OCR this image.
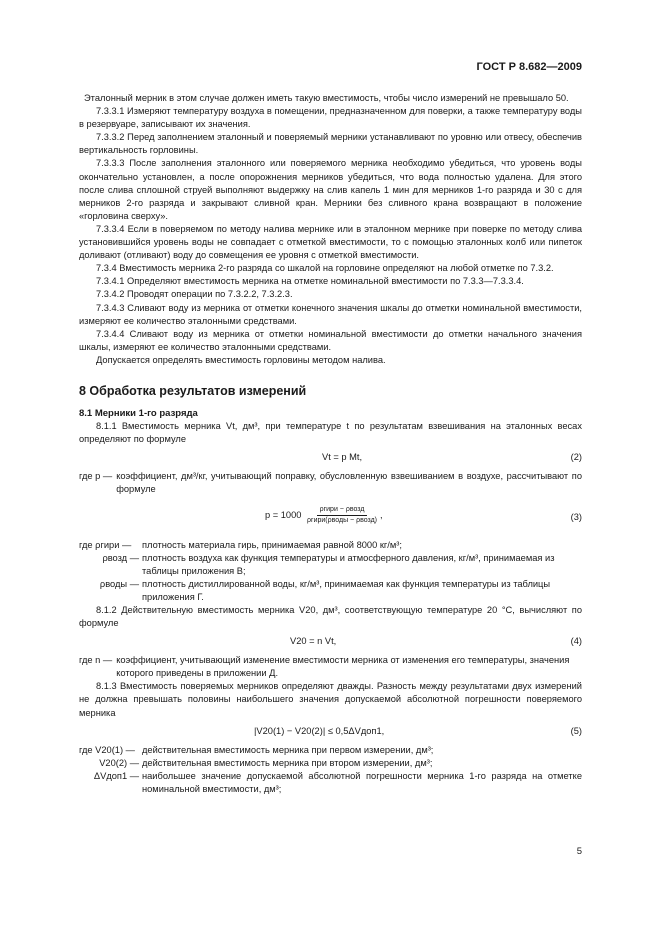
ГОСТ Р 8.682—2009

Эталонный мерник в этом случае должен иметь такую вместимость, чтобы число измерений не превышало 50.

7.3.3.1 Измеряют температуру воздуха в помещении, предназначенном для поверки, а также температуру воды в резервуаре, записывают их значения.

7.3.3.2 Перед заполнением эталонный и поверяемый мерники устанавливают по уровню или отвесу, обеспечив вертикальность горловины.

7.3.3.3 После заполнения эталонного или поверяемого мерника необходимо убедиться, что уровень воды окончательно установлен, а после опорожнения мерников убедиться, что вода полностью удалена. Для этого после слива сплошной струей выполняют выдержку на слив капель 1 мин для мерников 1-го разряда и 30 с для мерников 2-го разряда и закрывают сливной кран. Мерники без сливного крана возвращают в положение «горловина сверху».

7.3.3.4 Если в поверяемом по методу налива мернике или в эталонном мернике при поверке по методу слива установившийся уровень воды не совпадает с отметкой вместимости, то с помощью эталонных колб или пипеток доливают (отливают) воду до совмещения ее уровня с отметкой вместимости.

7.3.4 Вместимость мерника 2-го разряда со шкалой на горловине определяют на любой отметке по 7.3.2.

7.3.4.1 Определяют вместимость мерника на отметке номинальной вместимости по 7.3.3—7.3.3.4.

7.3.4.2 Проводят операции по 7.3.2.2, 7.3.2.3.

7.3.4.3 Сливают воду из мерника от отметки конечного значения шкалы до отметки номинальной вместимости, измеряют ее количество эталонными средствами.

7.3.4.4 Сливают воду из мерника от отметки номинальной вместимости до отметки начального значения шкалы, измеряют ее количество эталонными средствами.

Допускается определять вместимость горловины методом налива.

8 Обработка результатов измерений
8.1 Мерники 1-го разряда

8.1.1 Вместимость мерника Vt, дм³, при температуре t по результатам взвешивания на эталонных весах определяют по формуле

Vt = p Mt,	(2)
где p — коэффициент, дм³/кг, учитывающий поправку, обусловленную взвешиванием в воздухе, рассчитывают по формуле
$p = 1000 \frac{\text{ρгири − ρвозд}}{\text{ρгири(ρводы − ρвозд)}}$ ,	(3)
где ρгири —	плотность материала гирь, принимаемая равной 8000 кг/м³;
ρвозд — плотность воздуха как функция температуры и атмосферного давления, кг/м³, принимаемая из таблицы приложения В;
ρводы — плотность дистиллированной воды, кг/м³, принимаемая как функция температуры из таблицы приложения Г.

8.1.2 Действительную вместимость мерника V20, дм³, соответствующую температуре 20 °С, вычисляют по формуле

V20 = n Vt,	(4)
где n — коэффициент, учитывающий изменение вместимости мерника от изменения его температуры, значения которого приведены в приложении Д.

8.1.3 Вместимость поверяемых мерников определяют дважды. Разность между результатами двух измерений не должна превышать половины наибольшего значения допускаемой абсолютной погрешности поверяемого мерника

|V20(1) − V20(2)| ≤ 0,5ΔVдоп1,	(5)
где V20(1) — действительная вместимость мерника при первом измерении, дм³;
V20(2) — действительная вместимость мерника при втором измерении, дм³;
ΔVдоп1 — наибольшее значение допускаемой абсолютной погрешности мерника 1-го разряда на отметке номинальной вместимости, дм³;
5
